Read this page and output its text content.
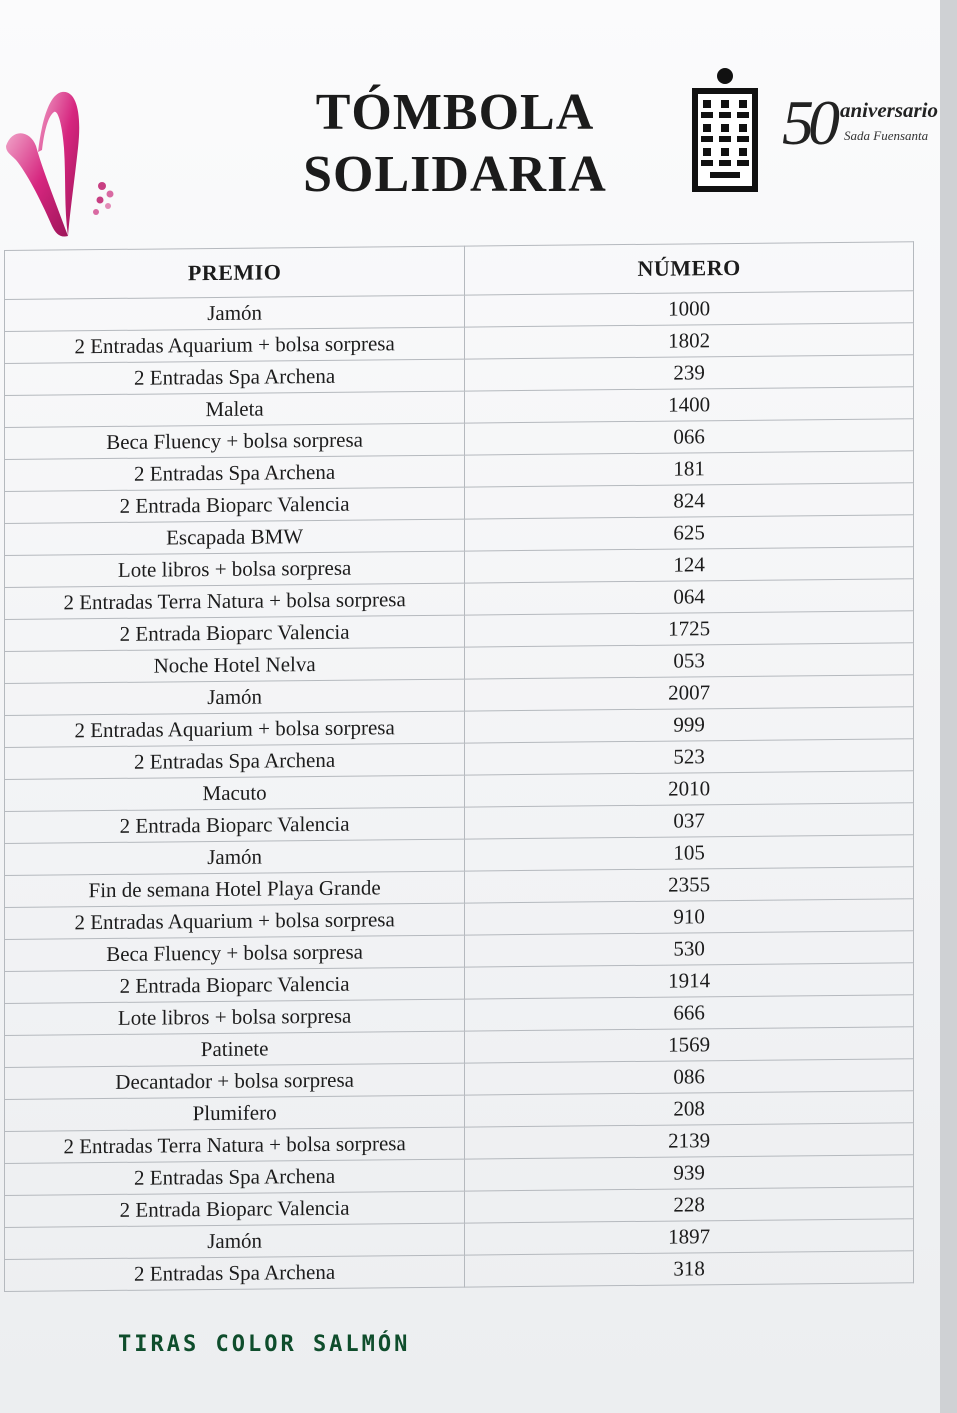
TÓMBOLA
SOLIDARIA
50 aniversario
Sada Fuensanta
PREMIO	NÚMERO
Jamón	1000
2 Entradas Aquarium + bolsa sorpresa	1802
2 Entradas Spa Archena	239
Maleta	1400
Beca Fluency + bolsa sorpresa	066
2 Entradas Spa Archena	181
2 Entrada Bioparc Valencia	824
Escapada BMW	625
Lote libros + bolsa sorpresa	124
2 Entradas Terra Natura + bolsa sorpresa	064
2 Entrada Bioparc Valencia	1725
Noche Hotel Nelva	053
Jamón	2007
2 Entradas Aquarium + bolsa sorpresa	999
2 Entradas Spa Archena	523
Macuto	2010
2 Entrada Bioparc Valencia	037
Jamón	105
Fin de semana Hotel Playa Grande	2355
2 Entradas Aquarium + bolsa sorpresa	910
Beca Fluency + bolsa sorpresa	530
2 Entrada Bioparc Valencia	1914
Lote libros + bolsa sorpresa	666
Patinete	1569
Decantador + bolsa sorpresa	086
Plumifero	208
2 Entradas Terra Natura + bolsa sorpresa	2139
2 Entradas Spa Archena	939
2 Entrada Bioparc Valencia	228
Jamón	1897
2 Entradas Spa Archena	318
TIRAS COLOR SALMÓN
